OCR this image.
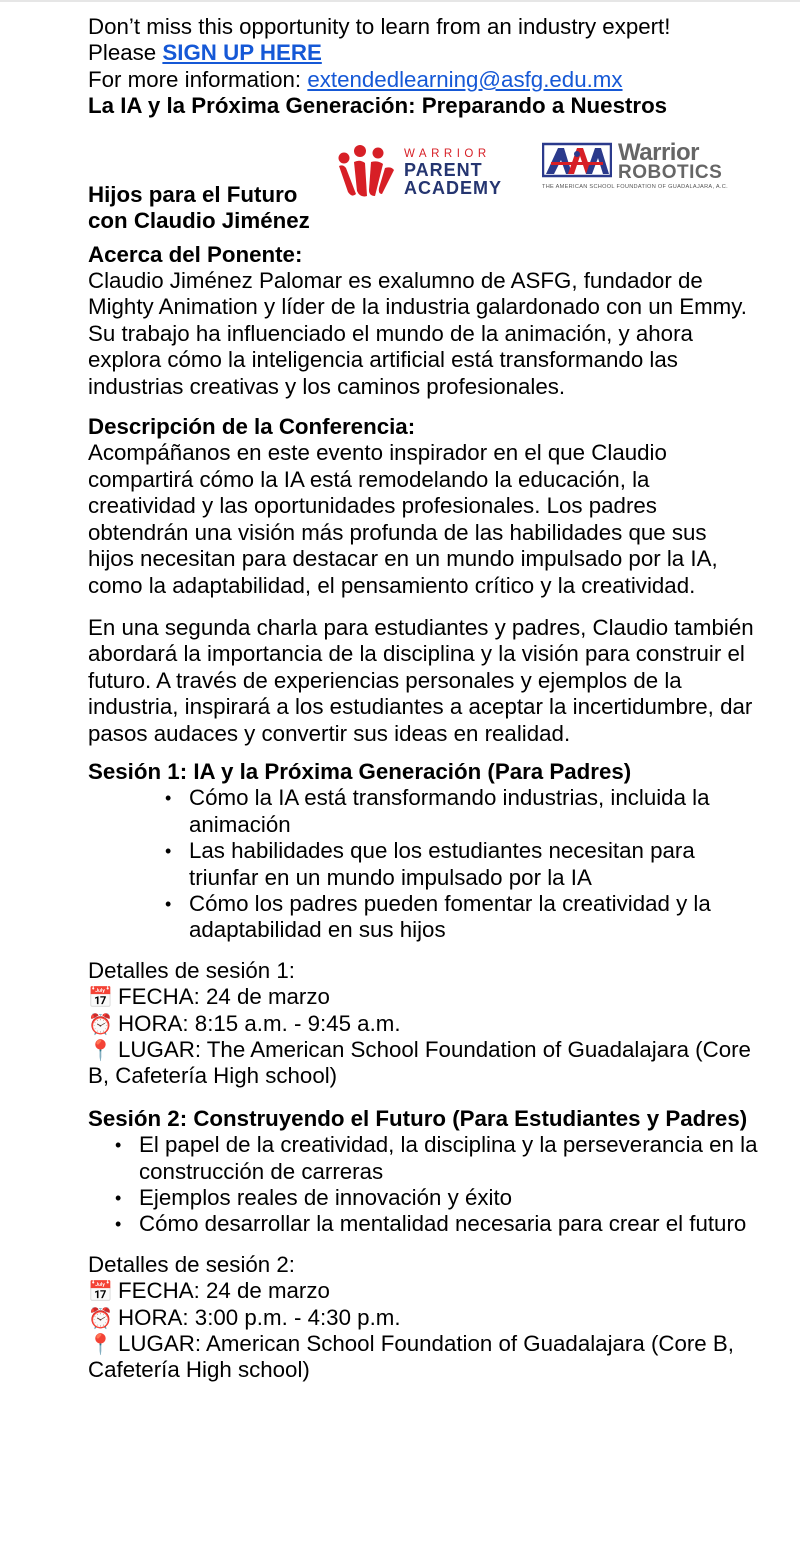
Don’t miss this opportunity to learn from an industry expert!

Please SIGN UP HERE

For more information: extendedlearning@asfg.edu.mx

La IA y la Próxima Generación: Preparando a Nuestros

Hijos para el Futuro
con Claudio Jiménez
WARRIOR
PARENT
ACADEMY
Warrior
ROBOTICS
THE AMERICAN SCHOOL FOUNDATION OF GUADALAJARA, A.C.

Acerca del Ponente:

Claudio Jiménez Palomar es exalumno de ASFG, fundador de Mighty Animation y líder de la industria galardonado con un Emmy. Su trabajo ha influenciado el mundo de la animación, y ahora explora cómo la inteligencia artificial está transformando las industrias creativas y los caminos profesionales.

Descripción de la Conferencia:

Acompáñanos en este evento inspirador en el que Claudio compartirá cómo la IA está remodelando la educación, la creatividad y las oportunidades profesionales. Los padres obtendrán una visión más profunda de las habilidades que sus hijos necesitan para destacar en un mundo impulsado por la IA, como la adaptabilidad, el pensamiento crítico y la creatividad.

En una segunda charla para estudiantes y padres, Claudio también abordará la importancia de la disciplina y la visión para construir el futuro. A través de experiencias personales y ejemplos de la industria, inspirará a los estudiantes a aceptar la incertidumbre, dar pasos audaces y convertir sus ideas en realidad.

Sesión 1: IA y la Próxima Generación (Para Padres)

• Cómo la IA está transformando industrias, incluida la animación
• Las habilidades que los estudiantes necesitan para triunfar en un mundo impulsado por la IA
• Cómo los padres pueden fomentar la creatividad y la adaptabilidad en sus hijos

Detalles de sesión 1:

📅 FECHA: 24 de marzo

⏰ HORA: 8:15 a.m. - 9:45 a.m.

📍 LUGAR: The American School Foundation of Guadalajara (Core B, Cafetería High school)

Sesión 2: Construyendo el Futuro (Para Estudiantes y Padres)

• El papel de la creatividad, la disciplina y la perseverancia en la construcción de carreras
• Ejemplos reales de innovación y éxito
• Cómo desarrollar la mentalidad necesaria para crear el futuro

Detalles de sesión 2:

📅 FECHA: 24 de marzo

⏰ HORA: 3:00 p.m. - 4:30 p.m.

📍 LUGAR: American School Foundation of Guadalajara (Core B, Cafetería High school)
